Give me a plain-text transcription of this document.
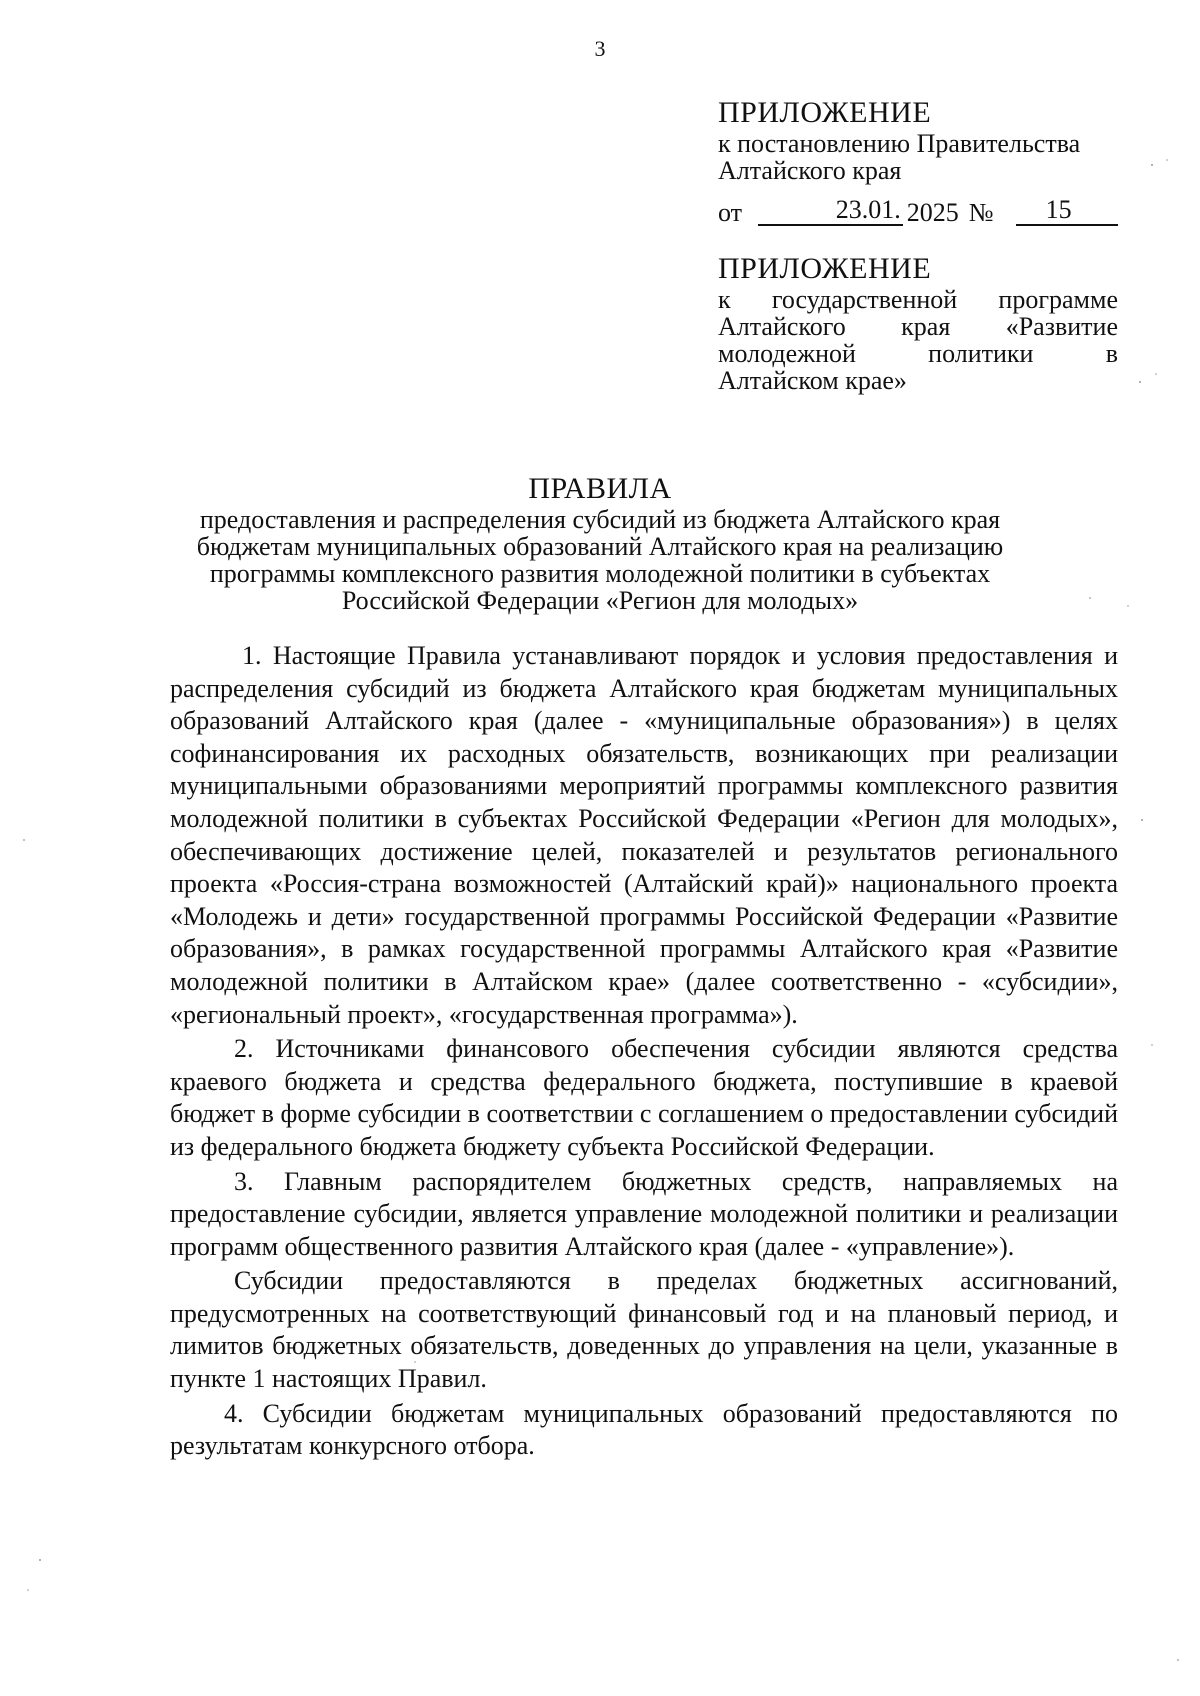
3
ПРИЛОЖЕНИЕ
к постановлению Правительства
Алтайского края
от	23.01. 2025 №	15
ПРИЛОЖЕНИЕ
к государственной программе
Алтайского края «Развитие
молодежной политики в
Алтайском крае»
ПРАВИЛА
предоставления и распределения субсидий из бюджета Алтайского края
бюджетам муниципальных образований Алтайского края на реализацию
программы комплексного развития молодежной политики в субъектах
Российской Федерации «Регион для молодых»

1. Настоящие Правила устанавливают порядок и условия предоставления и распределения субсидий из бюджета Алтайского края бюджетам муниципальных образований Алтайского края (далее - «муниципальные образования») в целях софинансирования их расходных обязательств, возникающих при реализации муниципальными образованиями мероприятий программы комплексного развития молодежной политики в субъектах Российской Федерации «Регион для молодых», обеспечивающих достижение целей, показателей и результатов регионального проекта «Россия-страна возможностей (Алтайский край)» национального проекта «Молодежь и дети» государственной программы Российской Федерации «Развитие образования», в рамках государственной программы Алтайского края «Развитие молодежной политики в Алтайском крае» (далее соответственно - «субсидии», «региональный проект», «государственная программа»).

2. Источниками финансового обеспечения субсидии являются средства краевого бюджета и средства федерального бюджета, поступившие в краевой бюджет в форме субсидии в соответствии с соглашением о предоставлении субсидий из федерального бюджета бюджету субъекта Российской Федерации.

3. Главным распорядителем бюджетных средств, направляемых на предоставление субсидии, является управление молодежной политики и реализации программ общественного развития Алтайского края (далее - «управление»).

Субсидии предоставляются в пределах бюджетных ассигнований, предусмотренных на соответствующий финансовый год и на плановый период, и лимитов бюджетных обязательств, доведенных до управления на цели, указанные в пункте 1 настоящих Правил.

4. Субсидии бюджетам муниципальных образований предоставляются по результатам конкурсного отбора.
